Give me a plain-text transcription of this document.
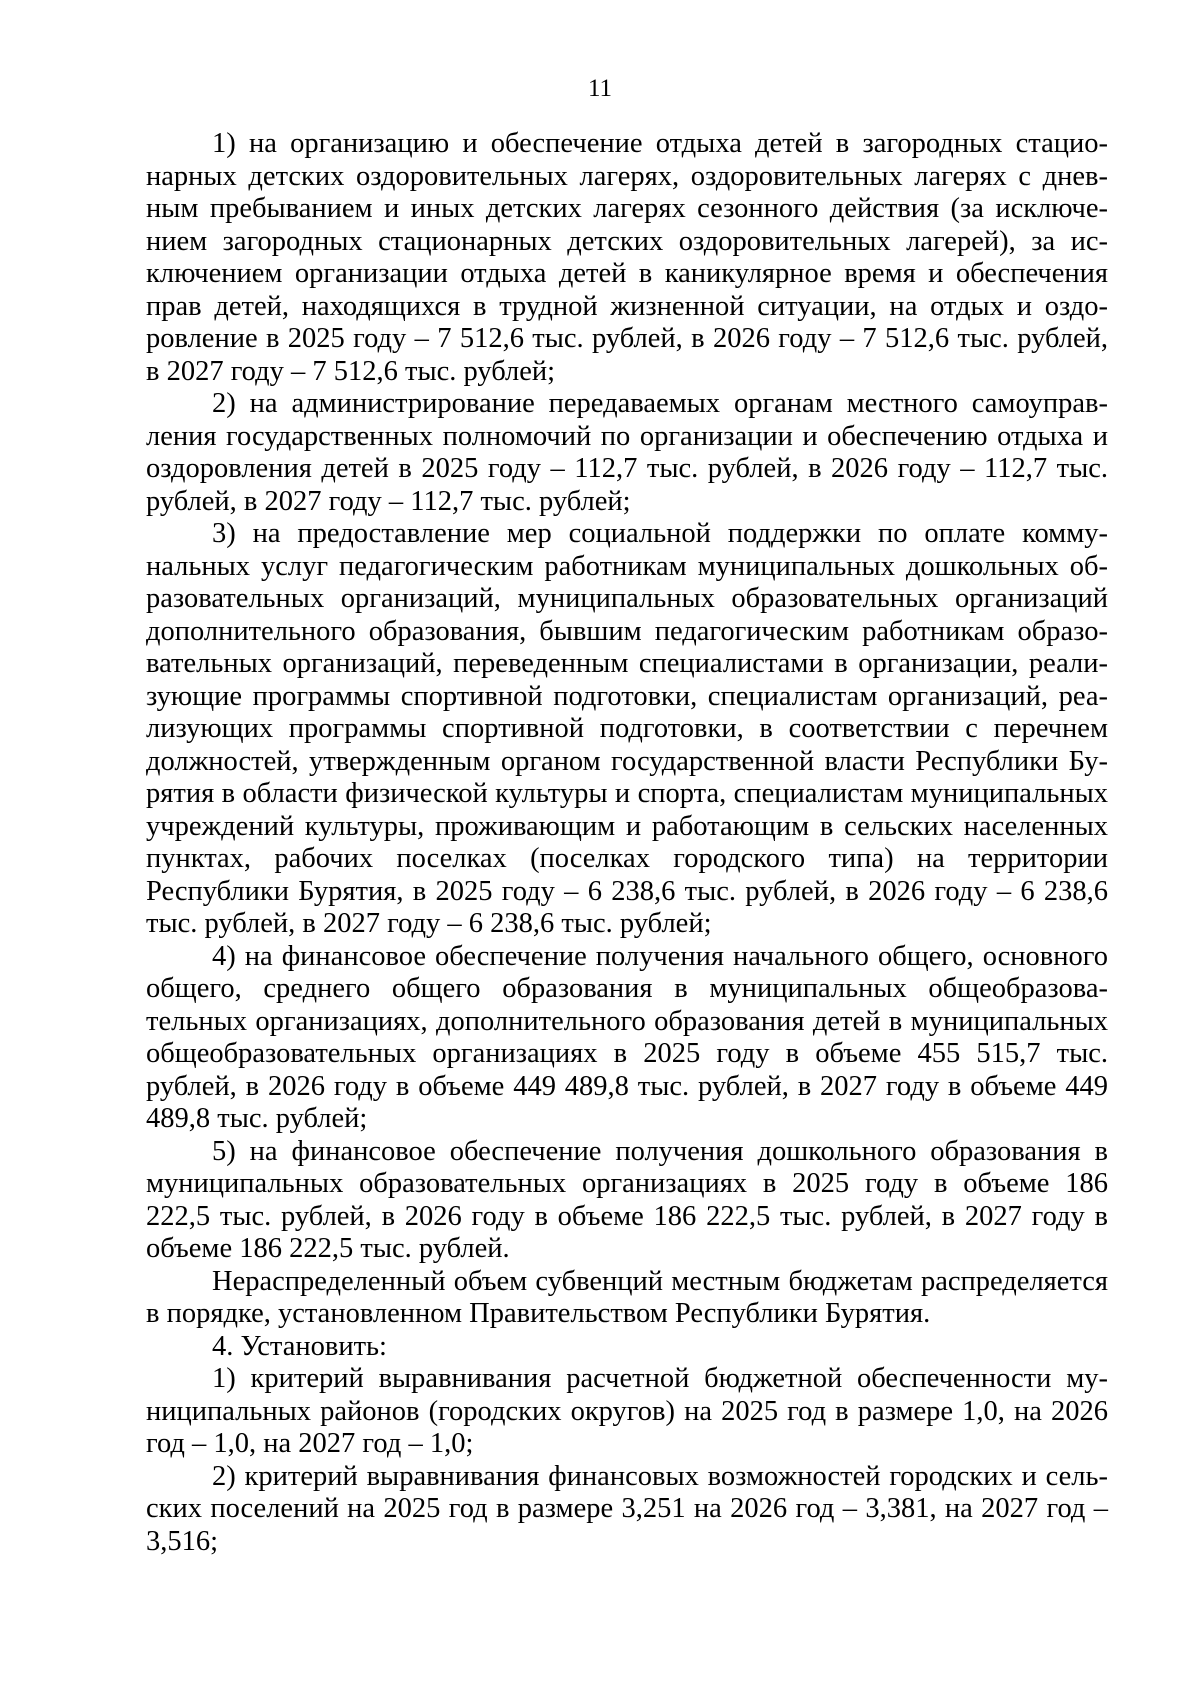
11

1) на организацию и обеспечение отдыха детей в загородных стационарных детских оздоровительных лагерях, оздоровительных лагерях с дневным пребыванием и иных детских лагерях сезонного действия (за исключением загородных стационарных детских оздоровительных лагерей), за исключением организации отдыха детей в каникулярное время и обеспечения прав детей, находящихся в трудной жизненной ситуации, на отдых и оздоровление в 2025 году – 7 512,6 тыс. рублей, в 2026 году – 7 512,6 тыс. рублей, в 2027 году – 7 512,6 тыс. рублей;

2) на администрирование передаваемых органам местного самоуправления государственных полномочий по организации и обеспечению отдыха и оздоровления детей в 2025 году – 112,7 тыс. рублей, в 2026 году – 112,7 тыс. рублей, в 2027 году – 112,7 тыс. рублей;

3) на предоставление мер социальной поддержки по оплате коммунальных услуг педагогическим работникам муниципальных дошкольных образовательных организаций, муниципальных образовательных организаций дополнительного образования, бывшим педагогическим работникам образовательных организаций, переведенным специалистами в организации, реализующие программы спортивной подготовки, специалистам организаций, реализующих программы спортивной подготовки, в соответствии с перечнем должностей, утвержденным органом государственной власти Республики Бурятия в области физической культуры и спорта, специалистам муниципальных учреждений культуры, проживающим и работающим в сельских населенных пунктах, рабочих поселках (поселках городского типа) на территории Республики Бурятия, в 2025 году – 6 238,6 тыс. рублей, в 2026 году – 6 238,6 тыс. рублей, в 2027 году – 6 238,6 тыс. рублей;

4) на финансовое обеспечение получения начального общего, основного общего, среднего общего образования в муниципальных общеобразовательных организациях, дополнительного образования детей в муниципальных общеобразовательных организациях в 2025 году в объеме 455 515,7 тыс. рублей, в 2026 году в объеме 449 489,8 тыс. рублей, в 2027 году в объеме 449 489,8 тыс. рублей;

5) на финансовое обеспечение получения дошкольного образования в муниципальных образовательных организациях в 2025 году в объеме 186 222,5 тыс. рублей, в 2026 году в объеме 186 222,5 тыс. рублей, в 2027 году в объеме 186 222,5 тыс. рублей.

Нераспределенный объем субвенций местным бюджетам распределяется в порядке, установленном Правительством Республики Бурятия.

4. Установить:

1) критерий выравнивания расчетной бюджетной обеспеченности муниципальных районов (городских округов) на 2025 год в размере 1,0, на 2026 год – 1,0, на 2027 год – 1,0;

2) критерий выравнивания финансовых возможностей городских и сельских поселений на 2025 год в размере 3,251 на 2026 год – 3,381, на 2027 год – 3,516;
